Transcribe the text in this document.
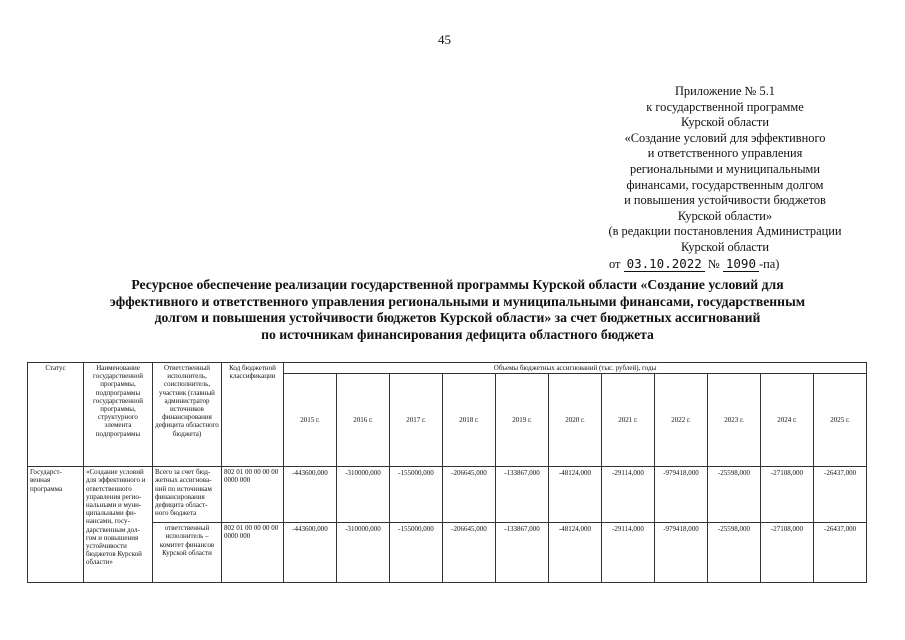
45
Приложение № 5.1
к государственной программе
Курской области
«Создание условий для эффективного
и ответственного управления
региональными и муниципальными
финансами, государственным долгом
и повышения устойчивости бюджетов
Курской области»
(в редакции постановления Администрации
Курской области
от 03.10.2022 № 1090 -па)
Ресурсное обеспечение реализации государственной программы Курской области «Создание условий для
эффективного и ответственного управления региональными и муниципальными финансами, государственным
долгом и повышения устойчивости бюджетов Курской области» за счет бюджетных ассигнований
по источникам финансирования дефицита областного бюджета
Статус	Наименование государственной программы, подпрограммы государственной программы, структурного элемента подпрограммы	Ответственный исполнитель, соисполнитель, участник (главный администратор источников финансирования дефицита областного бюджета)	Код бюджетной классификации	Объемы бюджетных ассигнований (тыс. рублей), годы										
				2015 г.	2016 г.	2017 г.	2018 г.	2019 г.	2020 г.	2021 г.	2022 г.	2023 г.	2024 г.	2025 г.
Государст- венная программа	«Создание условий для эффективного и ответственного управления регио- нальными и муни- ципальными фи- нансами, госу- дарственным дол- гом и повышения устойчивости бюджетов Курской области»	Всего за счет бюд- жетных ассигнова- ний по источникам финансирования дефицита област- ного бюджета	802 01 00 00 00 00 0000 000	-443600,000	-310000,000	-155000,000	-206645,000	-133867,000	-48124,000	-29114,000	-979418,000	-25598,000	-27108,000	-26437,000
		ответственный исполнитель – комитет финансов Курской области	802 01 00 00 00 00 0000 000	-443600,000	-310000,000	-155000,000	-206645,000	-133867,000	-48124,000	-29114,000	-979418,000	-25598,000	-27108,000	-26437,000
